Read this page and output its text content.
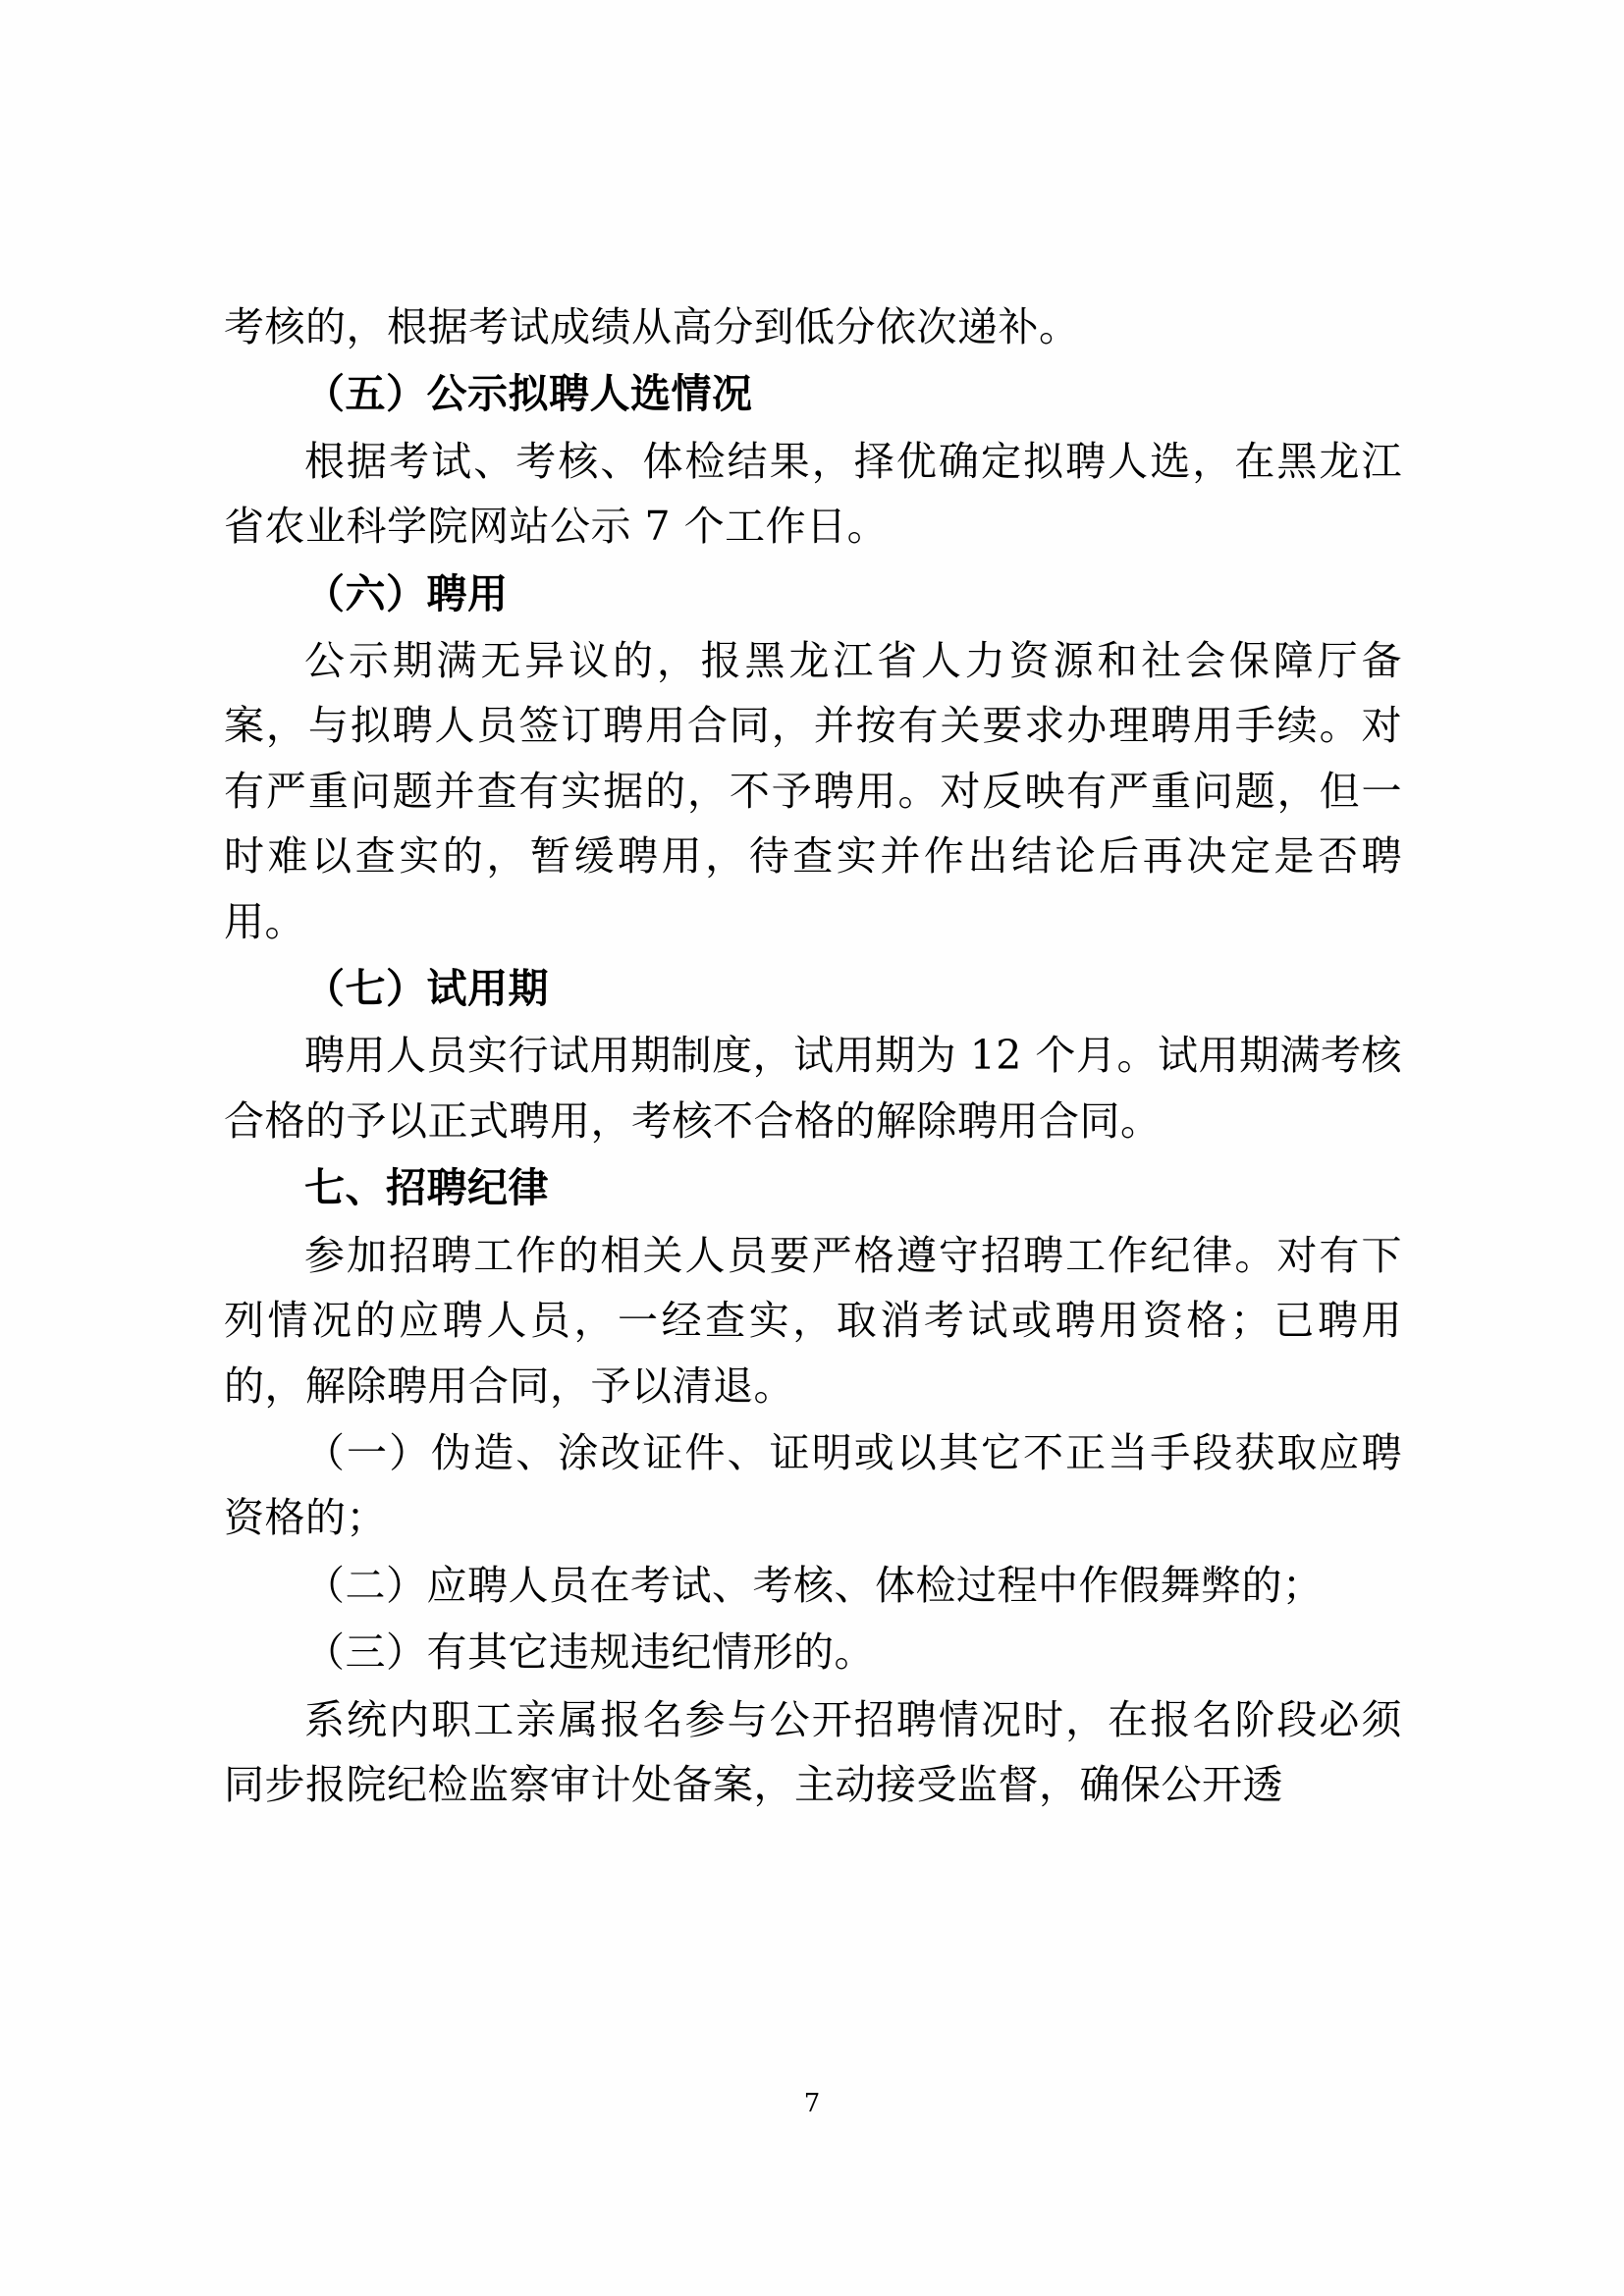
考核的，根据考试成绩从高分到低分依次递补。

（五）公示拟聘人选情况

根据考试、考核、体检结果，择优确定拟聘人选，在黑龙江省农业科学院网站公示 7 个工作日。

（六）聘用

公示期满无异议的，报黑龙江省人力资源和社会保障厅备案，与拟聘人员签订聘用合同，并按有关要求办理聘用手续。对有严重问题并查有实据的，不予聘用。对反映有严重问题，但一时难以查实的，暂缓聘用，待查实并作出结论后再决定是否聘用。

（七）试用期

聘用人员实行试用期制度，试用期为 12 个月。试用期满考核合格的予以正式聘用，考核不合格的解除聘用合同。

七、招聘纪律

参加招聘工作的相关人员要严格遵守招聘工作纪律。对有下列情况的应聘人员，一经查实，取消考试或聘用资格；已聘用的，解除聘用合同，予以清退。

（一）伪造、涂改证件、证明或以其它不正当手段获取应聘资格的；

（二）应聘人员在考试、考核、体检过程中作假舞弊的；

（三）有其它违规违纪情形的。

系统内职工亲属报名参与公开招聘情况时，在报名阶段必须同步报院纪检监察审计处备案，主动接受监督，确保公开透

7
